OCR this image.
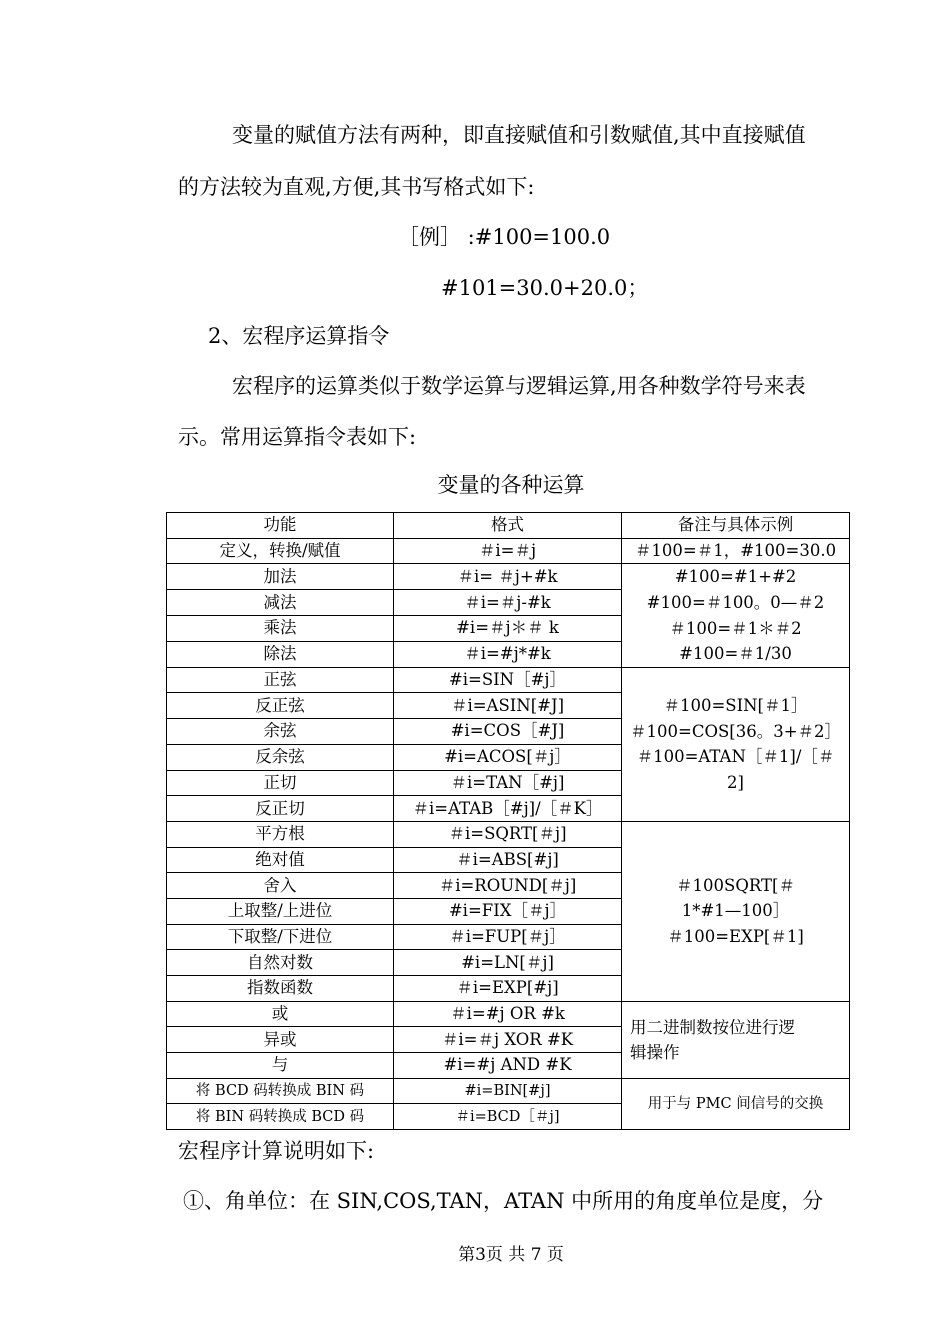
变量的赋值方法有两种，即直接赋值和引数赋值,其中直接赋值
的方法较为直观,方便,其书写格式如下:
［例］ :#100=100.0
#101=30.0+20.0；
2、宏程序运算指令
宏程序的运算类似于数学运算与逻辑运算,用各种数学符号来表
示。常用运算指令表如下:
变量的各种运算
功能	格式	备注与具体示例
定义，转换/赋值	＃i=＃j	＃100=＃1，#100=30.0
加法	＃i= ＃j+#k	#100=#1+#2
#100=＃100。0—＃2
＃100=＃1＊＃2
#100=＃1/30

减法	＃i=＃j-#k	
乘法	#i=＃j＊＃ k	
除法	＃i=#j*#k	
正弦	#i=SIN［#j］	＃100=SIN[＃1］
＃100=COS[36。3+＃2］
＃100=ATAN［＃1]/［＃
2]

反正弦	＃i=ASIN[#J]	
余弦	#i=COS［#J]	
反余弦	#i=ACOS[＃j］	
正切	＃i=TAN［#j]	
反正切	＃i=ATAB［#j]/［＃K］	
平方根	＃i=SQRT[＃j]	＃100SQRT[＃
1*#1—100］
＃100=EXP[＃1]

绝对值	＃i=ABS[#j]	
舍入	＃i=ROUND[＃j]	
上取整/上进位	#i=FIX［＃j］	
下取整/下进位	＃i=FUP[＃j］	
自然对数	#i=LN[＃j]	
指数函数	＃i=EXP[#j]	
或	＃i=#j OR #k	用二进制数按位进行逻
辑操作

异或	＃i=＃j XOR #K	
与	#i=#j AND #K	
将 BCD 码转换成 BIN 码	#i=BIN[#j]	用于与 PMC 间信号的交换
将 BIN 码转换成 BCD 码	＃i=BCD［＃j]	
宏程序计算说明如下:
①、角单位：在 SIN,COS,TAN，ATAN 中所用的角度单位是度，分
第3页 共 7 页
